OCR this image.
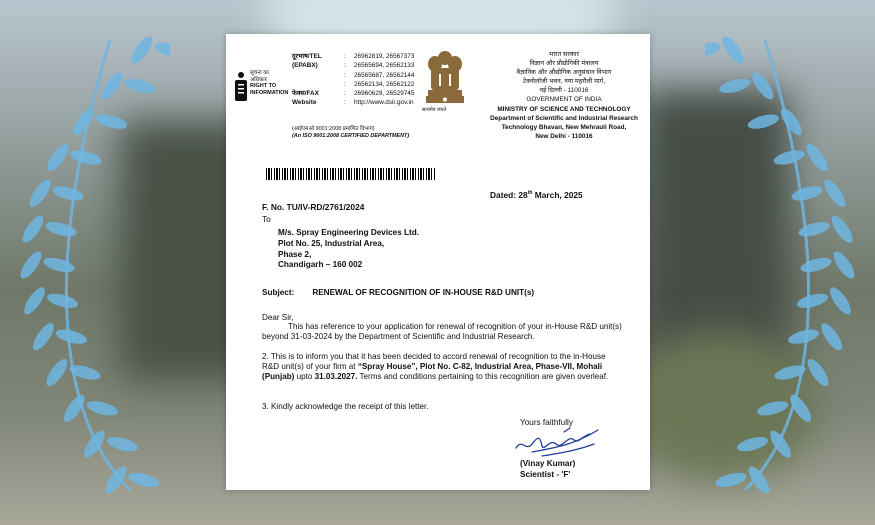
सूचना का अधिकार
RIGHT TO
INFORMATION
दूरभाष/TEL	:	26962819, 26567373
(EPABX)	:	26565694, 26562133
:	26565687, 26562144
:	26562134, 26562122
फेक्स/FAX	:	26960629, 26529745
Website	:	http://www.dsir.gov.in
(आईएसओ 9001:2008 प्रमाणित विभाग)
(An ISO 9001:2008 CERTIFIED DEPARTMENT)
सत्यमेव जयते
भारत सरकार
विज्ञान और प्रौद्योगिकी मंत्रालय
वैज्ञानिक और औद्योगिक अनुसंधान विभाग
टेक्नोलॉजी भवन, नया महरौली मार्ग,
नई दिल्ली - 110016
GOVERNMENT OF INDIA
MINISTRY OF SCIENCE AND TECHNOLOGY
Department of Scientific and Industrial Research
Technology Bhavan, New Mehrauli Road,
New Delhi - 110016
Dated: 28th March, 2025
F. No. TU/IV-RD/2761/2024
To
M/s. Spray Engineering Devices Ltd.
Plot No. 25, Industrial Area,
Phase 2,
Chandigarh – 160 002
Subject: RENEWAL OF RECOGNITION OF IN-HOUSE R&D UNIT(s)
Dear Sir,
This has reference to your application for renewal of recognition of your in-House R&D unit(s) beyond 31-03-2024 by the Department of Scientific and Industrial Research.
2. This is to inform you that it has been decided to accord renewal of recognition to the in-House R&D unit(s) of your firm at “Spray House”, Plot No. C-82, Industrial Area, Phase-VII, Mohali (Punjab) upto 31.03.2027. Terms and conditions pertaining to this recognition are given overleaf.
3. Kindly acknowledge the receipt of this letter.
Yours faithfully
(Vinay Kumar)
Scientist - 'F'
